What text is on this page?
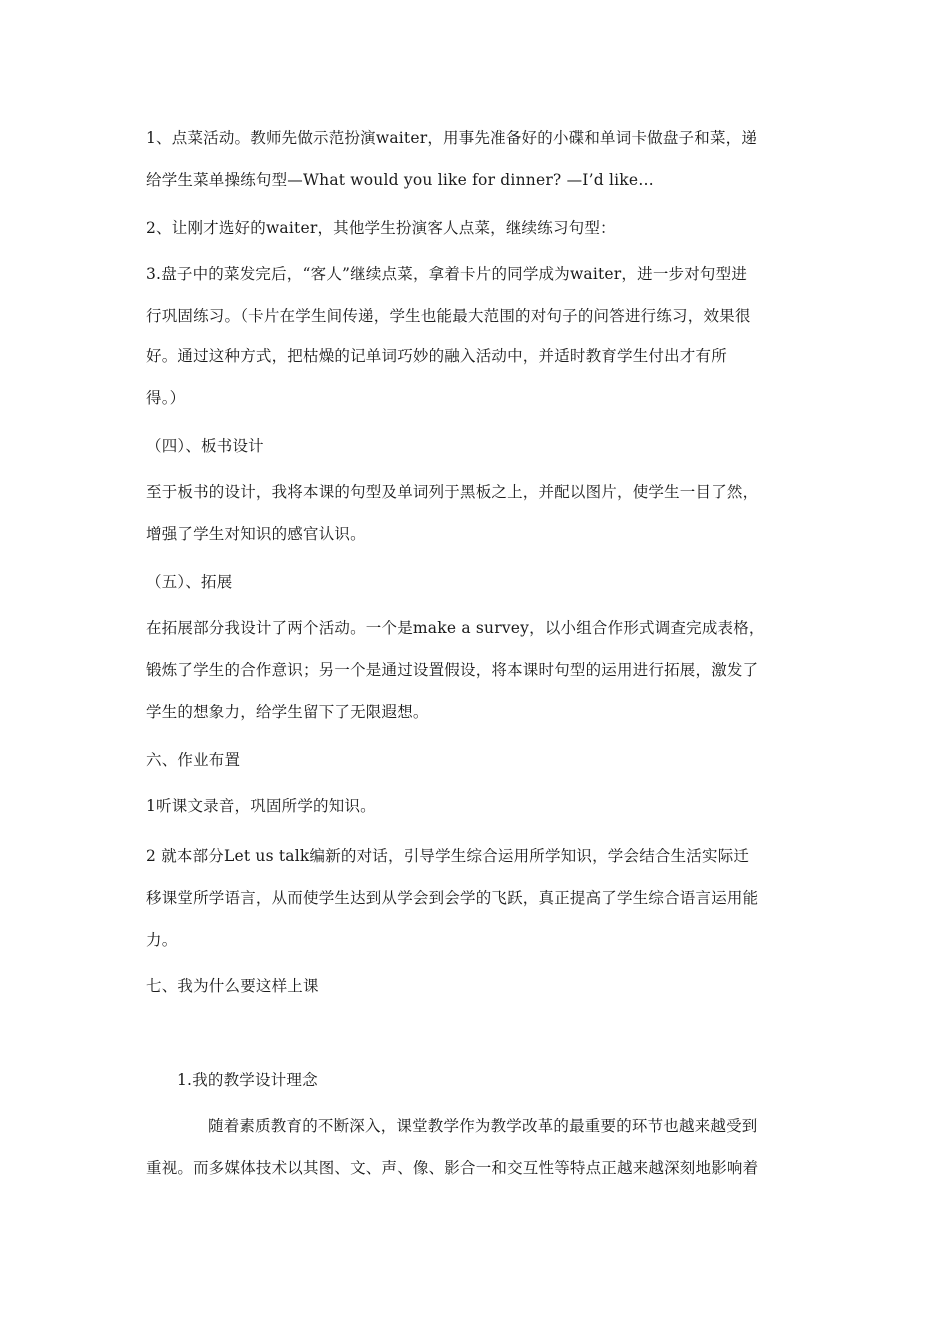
1、点菜活动。教师先做示范扮演waiter，用事先准备好的小碟和单词卡做盘子和菜，递
给学生菜单操练句型—What would you like for dinner? —I’d like…
2、让刚才选好的waiter，其他学生扮演客人点菜，继续练习句型：
3.盘子中的菜发完后，“客人”继续点菜，拿着卡片的同学成为waiter，进一步对句型进
行巩固练习。（卡片在学生间传递，学生也能最大范围的对句子的问答进行练习，效果很
好。通过这种方式，把枯燥的记单词巧妙的融入活动中，并适时教育学生付出才有所
得。）
（四）、板书设计
至于板书的设计，我将本课的句型及单词列于黑板之上，并配以图片，使学生一目了然，
增强了学生对知识的感官认识。
（五）、拓展
在拓展部分我设计了两个活动。一个是make a survey，以小组合作形式调查完成表格，
锻炼了学生的合作意识；另一个是通过设置假设，将本课时句型的运用进行拓展，激发了
学生的想象力，给学生留下了无限遐想。
六、作业布置
1听课文录音，巩固所学的知识。
2 就本部分Let us talk编新的对话，引导学生综合运用所学知识，学会结合生活实际迁
移课堂所学语言，从而使学生达到从学会到会学的飞跃，真正提高了学生综合语言运用能
力。
七、我为什么要这样上课
1.我的教学设计理念
随着素质教育的不断深入，课堂教学作为教学改革的最重要的环节也越来越受到
重视。而多媒体技术以其图、文、声、像、影合一和交互性等特点正越来越深刻地影响着
